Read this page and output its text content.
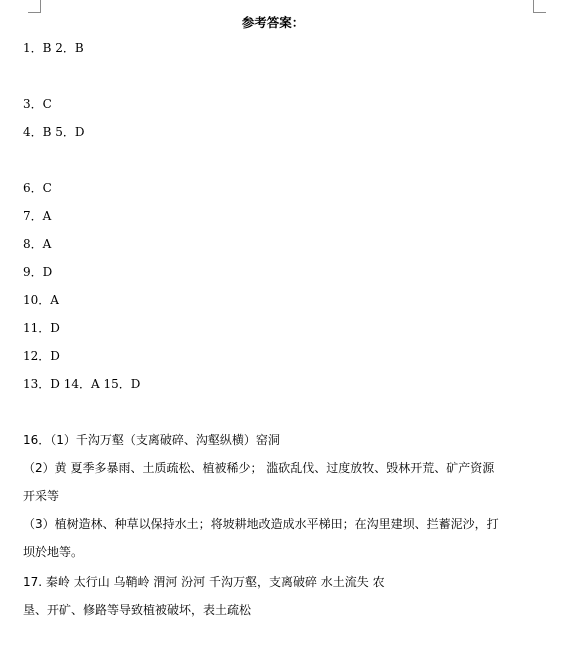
参考答案：
1．B 2．B
3．C
4．B 5．D
6．C
7．A
8．A
9．D
10．A
11．D
12．D
13．D 14．A 15．D
16．（1）千沟万壑（支离破碎、沟壑纵横）窑洞
（2）黄 夏季多暴雨、土质疏松、植被稀少； 滥砍乱伐、过度放牧、毁林开荒、矿产资源
开采等
（3）植树造林、种草以保持水土；将坡耕地改造成水平梯田；在沟里建坝、拦蓄泥沙，打
坝於地等。
17. 秦岭 太行山 乌鞘岭 渭河 汾河 千沟万壑，支离破碎 水土流失 农
垦、开矿、修路等导致植被破坏，表土疏松
